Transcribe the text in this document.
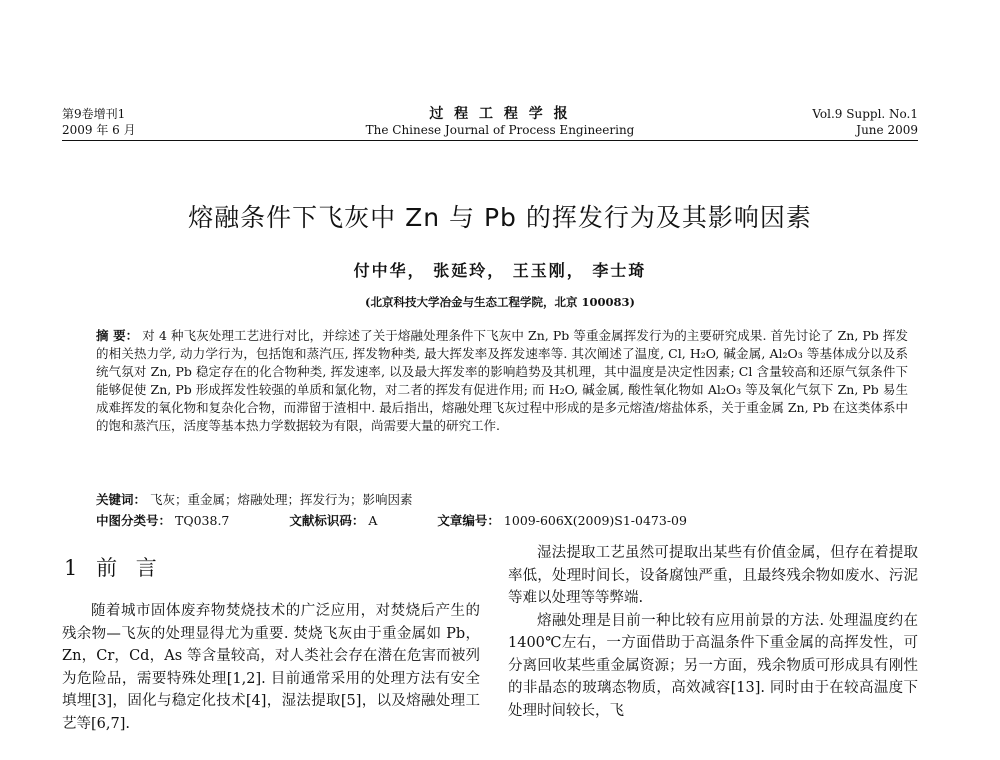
第9卷增刊1
2009 年 6 月
过 程 工 程 学 报
The Chinese Journal of Process Engineering
Vol.9 Suppl. No.1
June 2009
熔融条件下飞灰中 Zn 与 Pb 的挥发行为及其影响因素
付中华， 张延玲， 王玉刚， 李士琦
(北京科技大学冶金与生态工程学院，北京 100083)

摘 要： 对 4 种飞灰处理工艺进行对比，并综述了关于熔融处理条件下飞灰中 Zn, Pb 等重金属挥发行为的主要研究成果. 首先讨论了 Zn, Pb 挥发的相关热力学, 动力学行为，包括饱和蒸汽压, 挥发物种类, 最大挥发率及挥发速率等. 其次阐述了温度, Cl, H₂O, 碱金属, Al₂O₃ 等基体成分以及系统气氛对 Zn, Pb 稳定存在的化合物种类, 挥发速率, 以及最大挥发率的影响趋势及其机理，其中温度是决定性因素; Cl 含量较高和还原气氛条件下能够促使 Zn, Pb 形成挥发性较强的单质和氯化物，对二者的挥发有促进作用; 而 H₂O, 碱金属, 酸性氧化物如 Al₂O₃ 等及氧化气氛下 Zn, Pb 易生成难挥发的氧化物和复杂化合物，而滞留于渣相中. 最后指出，熔融处理飞灰过程中形成的是多元熔渣/熔盐体系，关于重金属 Zn, Pb 在这类体系中的饱和蒸汽压，活度等基本热力学数据较为有限，尚需要大量的研究工作.

关键词： 飞灰；重金属；熔融处理；挥发行为；影响因素
中图分类号： TQ038.7	文献标识码： A	文章编号： 1009-606X(2009)S1-0473-09
1 前 言

随着城市固体废弃物焚烧技术的广泛应用，对焚烧后产生的残余物—飞灰的处理显得尤为重要. 焚烧飞灰由于重金属如 Pb，Zn，Cr，Cd，As 等含量较高，对人类社会存在潜在危害而被列为危险品，需要特殊处理[1,2]. 目前通常采用的处理方法有安全填埋[3]，固化与稳定化技术[4]，湿法提取[5]，以及熔融处理工艺等[6,7].

湿法提取工艺虽然可提取出某些有价值金属，但存在着提取率低，处理时间长，设备腐蚀严重，且最终残余物如废水、污泥等难以处理等等弊端.

熔融处理是目前一种比较有应用前景的方法. 处理温度约在 1400℃左右，一方面借助于高温条件下重金属的高挥发性，可分离回收某些重金属资源；另一方面，残余物质可形成具有刚性的非晶态的玻璃态物质，高效减容[13]. 同时由于在较高温度下处理时间较长，飞
